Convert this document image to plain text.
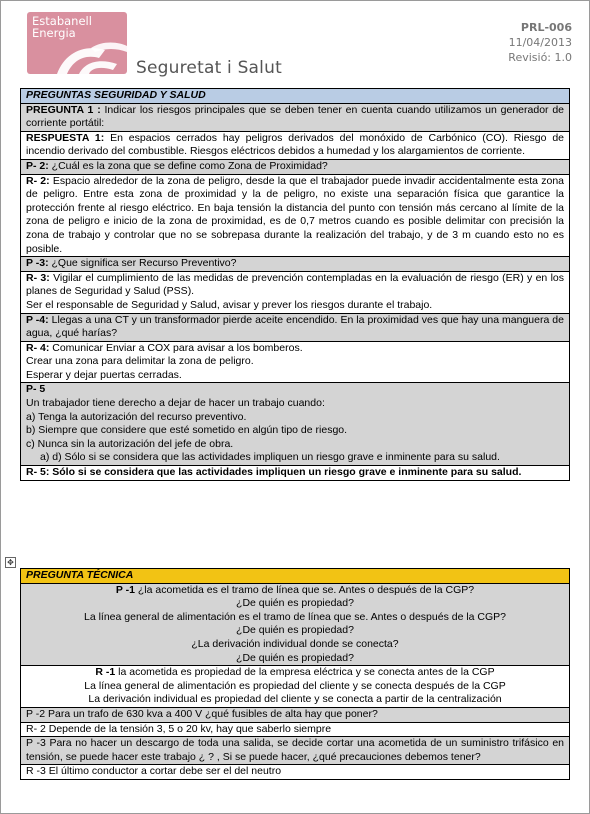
Estabanell
Energia
Seguretat i Salut
PRL-006
11/04/2013
Revisió: 1.0
PREGUNTAS SEGURIDAD Y SALUD
PREGUNTA 1 : Indicar los riesgos principales que se deben tener en cuenta cuando utilizamos un generador de corriente portátil:
RESPUESTA 1: En espacios cerrados hay peligros derivados del monóxido de Carbónico (CO). Riesgo de incendio derivado del combustible. Riesgos eléctricos debidos a humedad y los alargamientos de corriente.
P- 2: ¿Cuál es la zona que se define como Zona de Proximidad?
R- 2: Espacio alrededor de la zona de peligro, desde la que el trabajador puede invadir accidentalmente esta zona de peligro. Entre esta zona de proximidad y la de peligro, no existe una separación física que garantice la protección frente al riesgo eléctrico. En baja tensión la distancia del punto con tensión más cercano al límite de la zona de peligro e inicio de la zona de proximidad, es de 0,7 metros cuando es posible delimitar con precisión la zona de trabajo y controlar que no se sobrepasa durante la realización del trabajo, y de 3 m cuando esto no es posible.
P -3: ¿Que significa ser Recurso Preventivo?
R- 3: Vigilar el cumplimiento de las medidas de prevención contempladas en la evaluación de riesgo (ER) y en los planes de Seguridad y Salud (PSS).
Ser el responsable de Seguridad y Salud, avisar y prever los riesgos durante el trabajo.
P -4: Llegas a una CT y un transformador pierde aceite encendido. En la proximidad ves que hay una manguera de agua, ¿qué harías?
R- 4: Comunicar Enviar a COX para avisar a los bomberos.
Crear una zona para delimitar la zona de peligro.
Esperar y dejar puertas cerradas.
P- 5
Un trabajador tiene derecho a dejar de hacer un trabajo cuando:
a) Tenga la autorización del recurso preventivo.
b) Siempre que considere que esté sometido en algún tipo de riesgo.
c) Nunca sin la autorización del jefe de obra.
a) d) Sólo si se considera que las actividades impliquen un riesgo grave e inminente para su salud.

R- 5: Sólo si se considera que las actividades impliquen un riesgo grave e inminente para su salud.
✥
PREGUNTA TÉCNICA
P -1 ¿la acometida es el tramo de línea que se. Antes o después de la CGP?
¿De quién es propiedad?
La línea general de alimentación es el tramo de línea que se. Antes o después de la CGP?
¿De quién es propiedad?
¿La derivación individual donde se conecta?
¿De quién es propiedad?
R -1 la acometida es propiedad de la empresa eléctrica y se conecta antes de la CGP
La línea general de alimentación es propiedad del cliente y se conecta después de la CGP
La derivación individual es propiedad del cliente y se conecta a partir de la centralización
P -2 Para un trafo de 630 kva a 400 V ¿qué fusibles de alta hay que poner?
R- 2 Depende de la tensión 3, 5 o 20 kv, hay que saberlo siempre
P -3 Para no hacer un descargo de toda una salida, se decide cortar una acometida de un suministro trifásico en tensión, se puede hacer este trabajo ¿ ? , Si se puede hacer, ¿qué precauciones debemos tener?
R -3 El último conductor a cortar debe ser el del neutro
